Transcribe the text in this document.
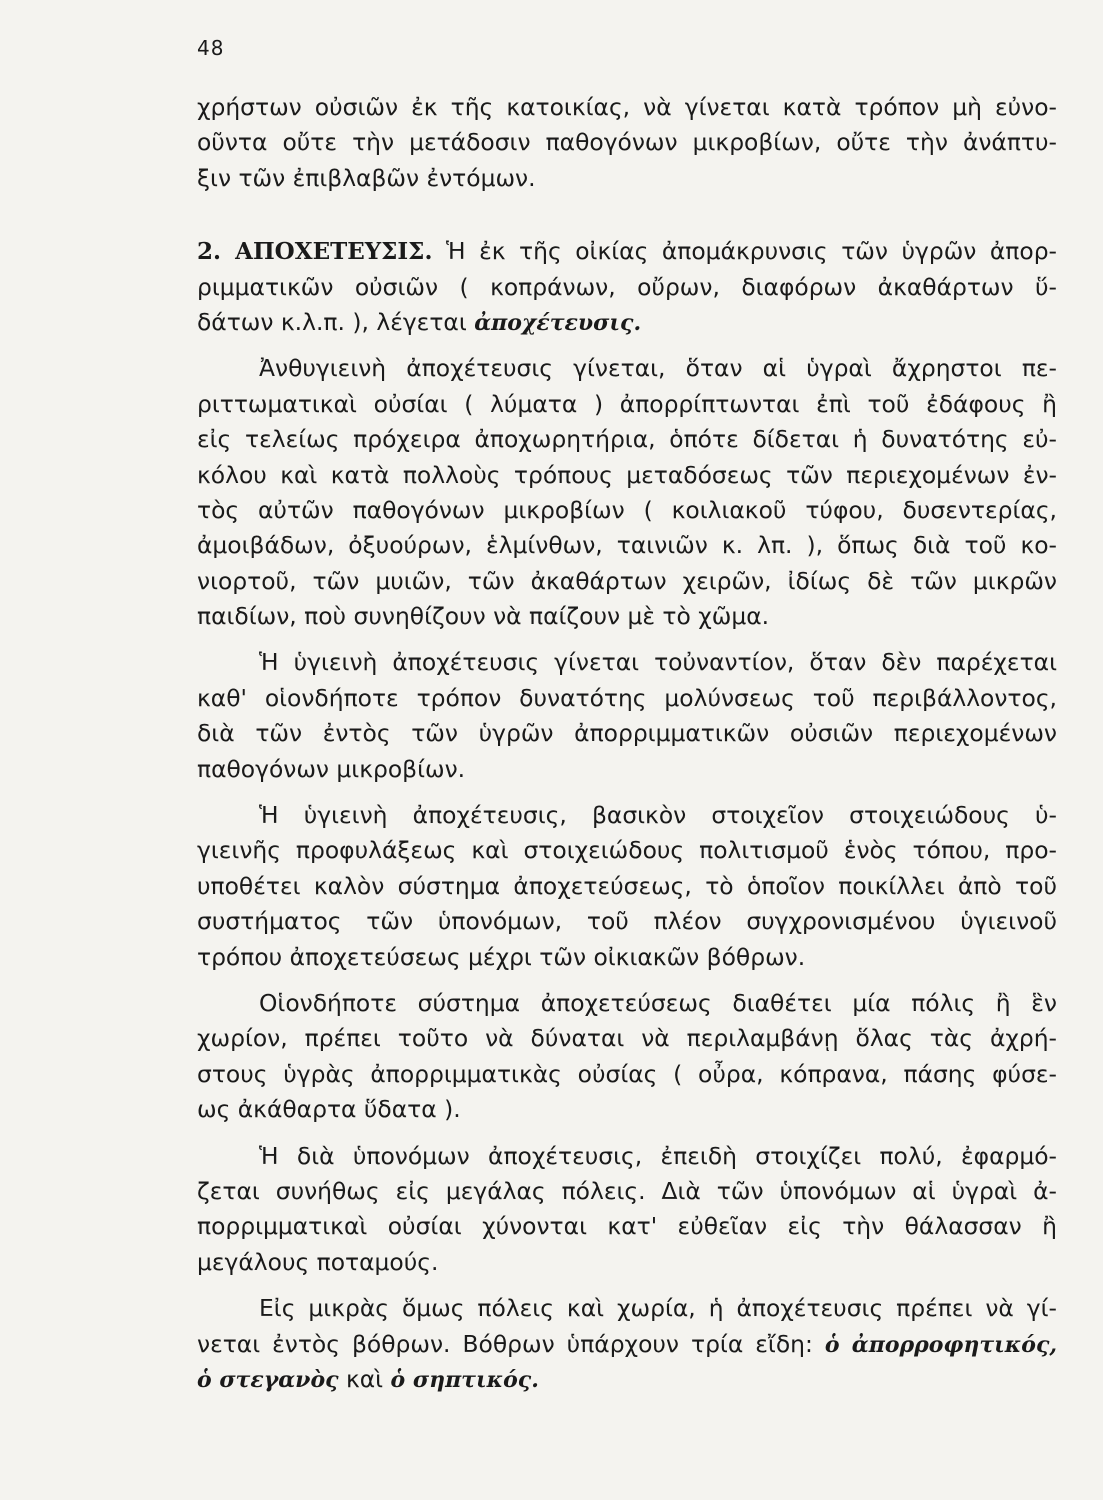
48
χρήστων οὐσιῶν ἐκ τῆς κατοικίας, νὰ γίνεται κατὰ τρόπον μὴ εὐνο-
οῦντα οὔτε τὴν μετάδοσιν παθογόνων μικροβίων, οὔτε τὴν ἀνάπτυ-
ξιν τῶν ἐπιβλαβῶν ἐντόμων.
2. ΑΠΟΧΕΤΕΥΣΙΣ. Ἡ ἐκ τῆς οἰκίας ἀπομάκρυνσις τῶν ὑγρῶν ἀπορ-
ριμματικῶν οὐσιῶν ( κοπράνων, οὔρων, διαφόρων ἀκαθάρτων ὕ-
δάτων κ.λ.π. ), λέγεται ἀποχέτευσις.
Ἀνθυγιεινὴ ἀποχέτευσις γίνεται, ὅταν αἱ ὑγραὶ ἄχρηστοι πε-
ριττωματικαὶ οὐσίαι ( λύματα ) ἀπορρίπτωνται ἐπὶ τοῦ ἐδάφους ἢ
εἰς τελείως πρόχειρα ἀποχωρητήρια, ὁπότε δίδεται ἡ δυνατότης εὐ-
κόλου καὶ κατὰ πολλοὺς τρόπους μεταδόσεως τῶν περιεχομένων ἐν-
τὸς αὐτῶν παθογόνων μικροβίων ( κοιλιακοῦ τύφου, δυσεντερίας,
ἀμοιβάδων, ὀξυούρων, ἑλμίνθων, ταινιῶν κ. λπ. ), ὅπως διὰ τοῦ κο-
νιορτοῦ, τῶν μυιῶν, τῶν ἀκαθάρτων χειρῶν, ἰδίως δὲ τῶν μικρῶν
παιδίων, ποὺ συνηθίζουν νὰ παίζουν μὲ τὸ χῶμα.
Ἡ ὑγιεινὴ ἀποχέτευσις γίνεται τοὐναντίον, ὅταν δὲν παρέχεται
καθ' οἱονδήποτε τρόπον δυνατότης μολύνσεως τοῦ περιβάλλοντος,
διὰ τῶν ἐντὸς τῶν ὑγρῶν ἀπορριμματικῶν οὐσιῶν περιεχομένων
παθογόνων μικροβίων.
Ἡ ὑγιεινὴ ἀποχέτευσις, βασικὸν στοιχεῖον στοιχειώδους ὑ-
γιεινῆς προφυλάξεως καὶ στοιχειώδους πολιτισμοῦ ἑνὸς τόπου, προ-
υποθέτει καλὸν σύστημα ἀποχετεύσεως, τὸ ὁποῖον ποικίλλει ἀπὸ τοῦ
συστήματος τῶν ὑπονόμων, τοῦ πλέον συγχρονισμένου ὑγιεινοῦ
τρόπου ἀποχετεύσεως μέχρι τῶν οἰκιακῶν βόθρων.
Οἱονδήποτε σύστημα ἀποχετεύσεως διαθέτει μία πόλις ἢ ἓν
χωρίον, πρέπει τοῦτο νὰ δύναται νὰ περιλαμβάνῃ ὅλας τὰς ἀχρή-
στους ὑγρὰς ἀπορριμματικὰς οὐσίας ( οὖρα, κόπρανα, πάσης φύσε-
ως ἀκάθαρτα ὕδατα ).
Ἡ διὰ ὑπονόμων ἀποχέτευσις, ἐπειδὴ στοιχίζει πολύ, ἐφαρμό-
ζεται συνήθως εἰς μεγάλας πόλεις. Διὰ τῶν ὑπονόμων αἱ ὑγραὶ ἀ-
πορριμματικαὶ οὐσίαι χύνονται κατ' εὐθεῖαν εἰς τὴν θάλασσαν ἢ
μεγάλους ποταμούς.
Εἰς μικρὰς ὅμως πόλεις καὶ χωρία, ἡ ἀποχέτευσις πρέπει νὰ γί-
νεται ἐντὸς βόθρων. Βόθρων ὑπάρχουν τρία εἴδη: ὁ ἀπορροφητικός,
ὁ στεγανὸς καὶ ὁ σηπτικός.
